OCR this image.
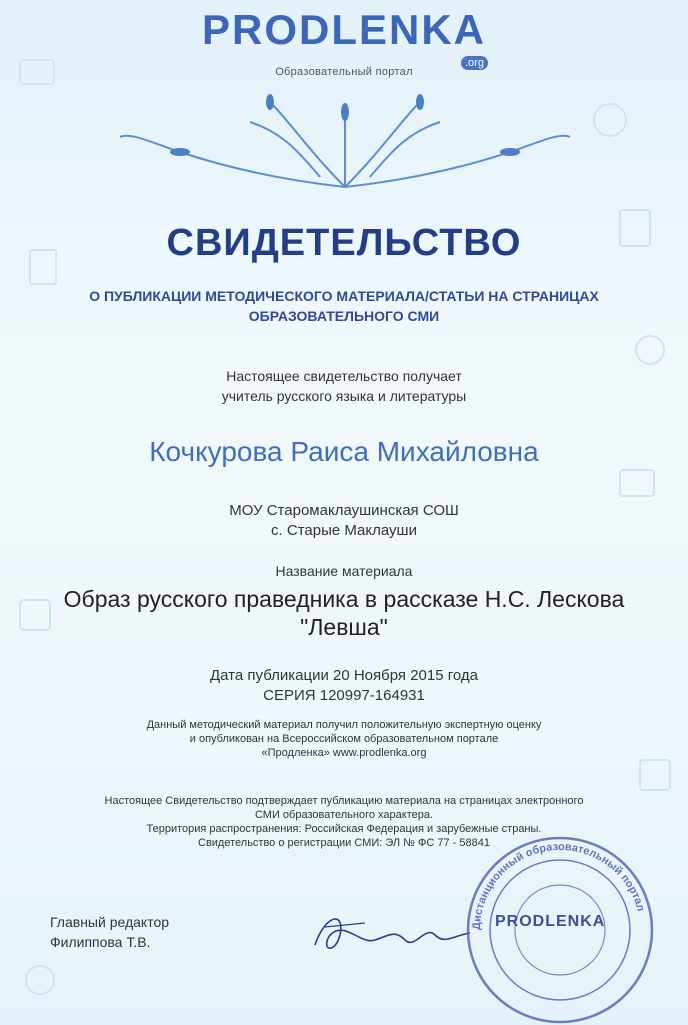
PRODLENKA
.org
Образовательный портал
СВИДЕТЕЛЬСТВО
О ПУБЛИКАЦИИ МЕТОДИЧЕСКОГО МАТЕРИАЛА/СТАТЬИ НА СТРАНИЦАХ
ОБРАЗОВАТЕЛЬНОГО СМИ
Настоящее свидетельство получает
учитель русского языка и литературы
Кочкурова Раиса Михайловна
МОУ Старомаклаушинская СОШ
с. Старые Маклауши
Название материала
Образ русского праведника в рассказе Н.С. Лескова
"Левша"
Дата публикации 20 Ноября 2015 года
СЕРИЯ 120997-164931
Данный методический материал получил положительную экспертную оценку
и опубликован на Всероссийском образовательном портале
«Продленка» www.prodlenka.org
Настоящее Свидетельство подтверждает публикацию материала на страницах электронного
СМИ образовательного характера.
Территория распространения: Российская Федерация и зарубежные страны.
Свидетельство о регистрации СМИ: ЭЛ № ФС 77 - 58841
Главный редактор
Филиппова Т.В.
Дистанционный образовательный портал
PRODLENKA
